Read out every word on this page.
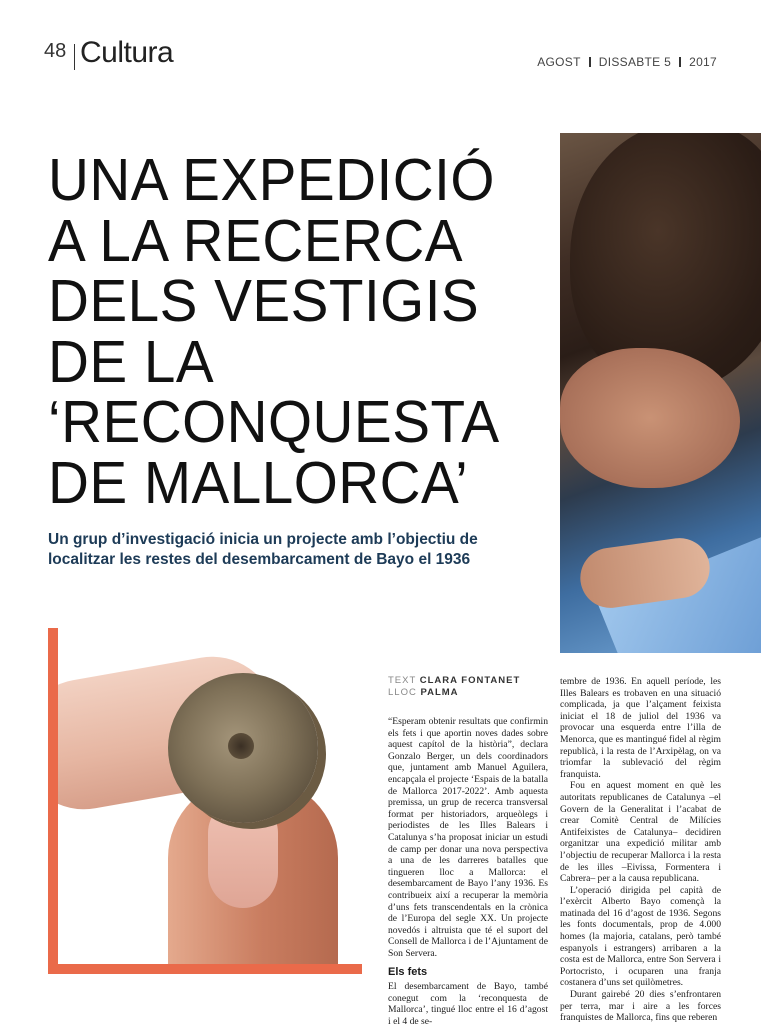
48 Cultura	AGOST DISSABTE 5 2017
UNA EXPEDICIÓ
A LA RECERCA
DELS VESTIGIS
DE LA
‘RECONQUESTA
DE MALLORCA’
Un grup d’investigació inicia un projecte amb l’objectiu de localitzar les restes del desembarcament de Bayo el 1936
TEXT CLARA FONTANET
LLOC PALMA

“Esperam obtenir resultats que confirmin els fets i que aportin noves dades sobre aquest capítol de la història”, declara Gonzalo Berger, un dels coordinadors que, juntament amb Manuel Aguilera, encapçala el projecte ‘Espais de la batalla de Mallorca 2017-2022’. Amb aquesta premissa, un grup de recerca transversal format per historiadors, arqueòlegs i periodistes de les Illes Balears i Catalunya s’ha proposat iniciar un estudi de camp per donar una nova perspectiva a una de les darreres batalles que tingueren lloc a Mallorca: el desembarcament de Bayo l’any 1936. Es contribueix així a recuperar la memòria d’uns fets transcendentals en la crònica de l’Europa del segle XX. Un projecte novedós i altruista que té el suport del Consell de Mallorca i de l’Ajuntament de Son Servera.

Els fets

El desembarcament de Bayo, també conegut com la ‘reconquesta de Mallorca’, tingué lloc entre el 16 d’agost i el 4 de se-

tembre de 1936. En aquell període, les Illes Balears es trobaven en una situació complicada, ja que l’alçament feixista iniciat el 18 de juliol del 1936 va provocar una esquerda entre l’illa de Menorca, que es mantingué fidel al règim republicà, i la resta de l’Arxipèlag, on va triomfar la sublevació del règim franquista.

Fou en aquest moment en què les autoritats republicanes de Catalunya –el Govern de la Generalitat i l’acabat de crear Comitè Central de Milícies Antifeixistes de Catalunya– decidiren organitzar una expedició militar amb l’objectiu de recuperar Mallorca i la resta de les illes –Eivissa, Formentera i Cabrera– per a la causa republicana.

L’operació dirigida pel capità de l’exèrcit Alberto Bayo començà la matinada del 16 d’agost de 1936. Segons les fonts documentals, prop de 4.000 homes (la majoria, catalans, però també espanyols i estrangers) arribaren a la costa est de Mallorca, entre Son Servera i Portocristo, i ocuparen una franja costanera d’uns set quilòmetres.

Durant gairebé 20 dies s’enfrontaren per terra, mar i aire a les forces franquistes de Mallorca, fins que reberen
